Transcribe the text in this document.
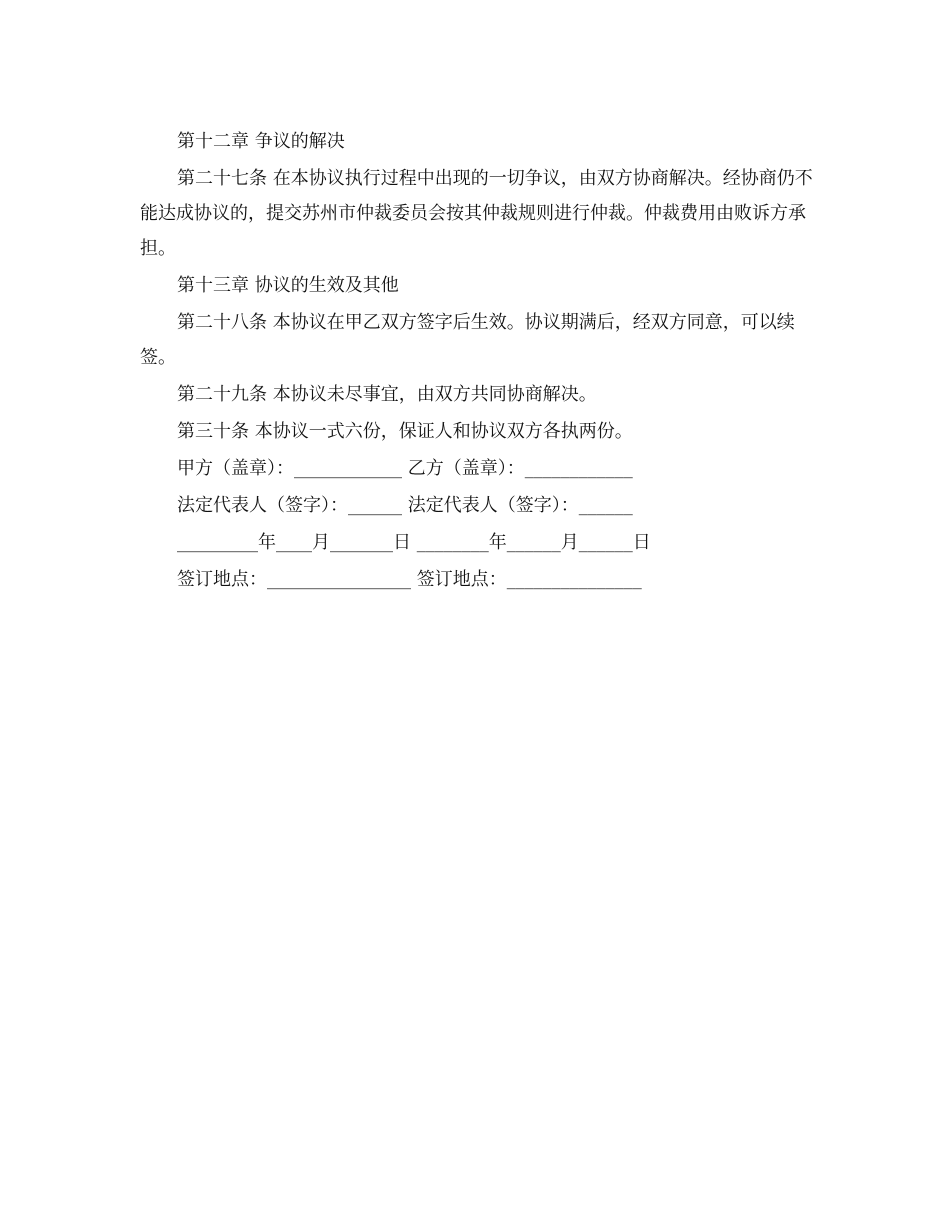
第十二章 争议的解决

第二十七条 在本协议执行过程中出现的一切争议，由双方协商解决。经协商仍不能达成协议的，提交苏州市仲裁委员会按其仲裁规则进行仲裁。仲裁费用由败诉方承担。

第十三章 协议的生效及其他

第二十八条 本协议在甲乙双方签字后生效。协议期满后，经双方同意，可以续签。

第二十九条 本协议未尽事宜，由双方共同协商解决。

第三十条 本协议一式六份，保证人和协议双方各执两份。

甲方（盖章）：____________ 乙方（盖章）：____________

法定代表人（签字）：______ 法定代表人（签字）：______

_________年____月_______日 ________年______月______日

签订地点：________________ 签订地点：_______________
